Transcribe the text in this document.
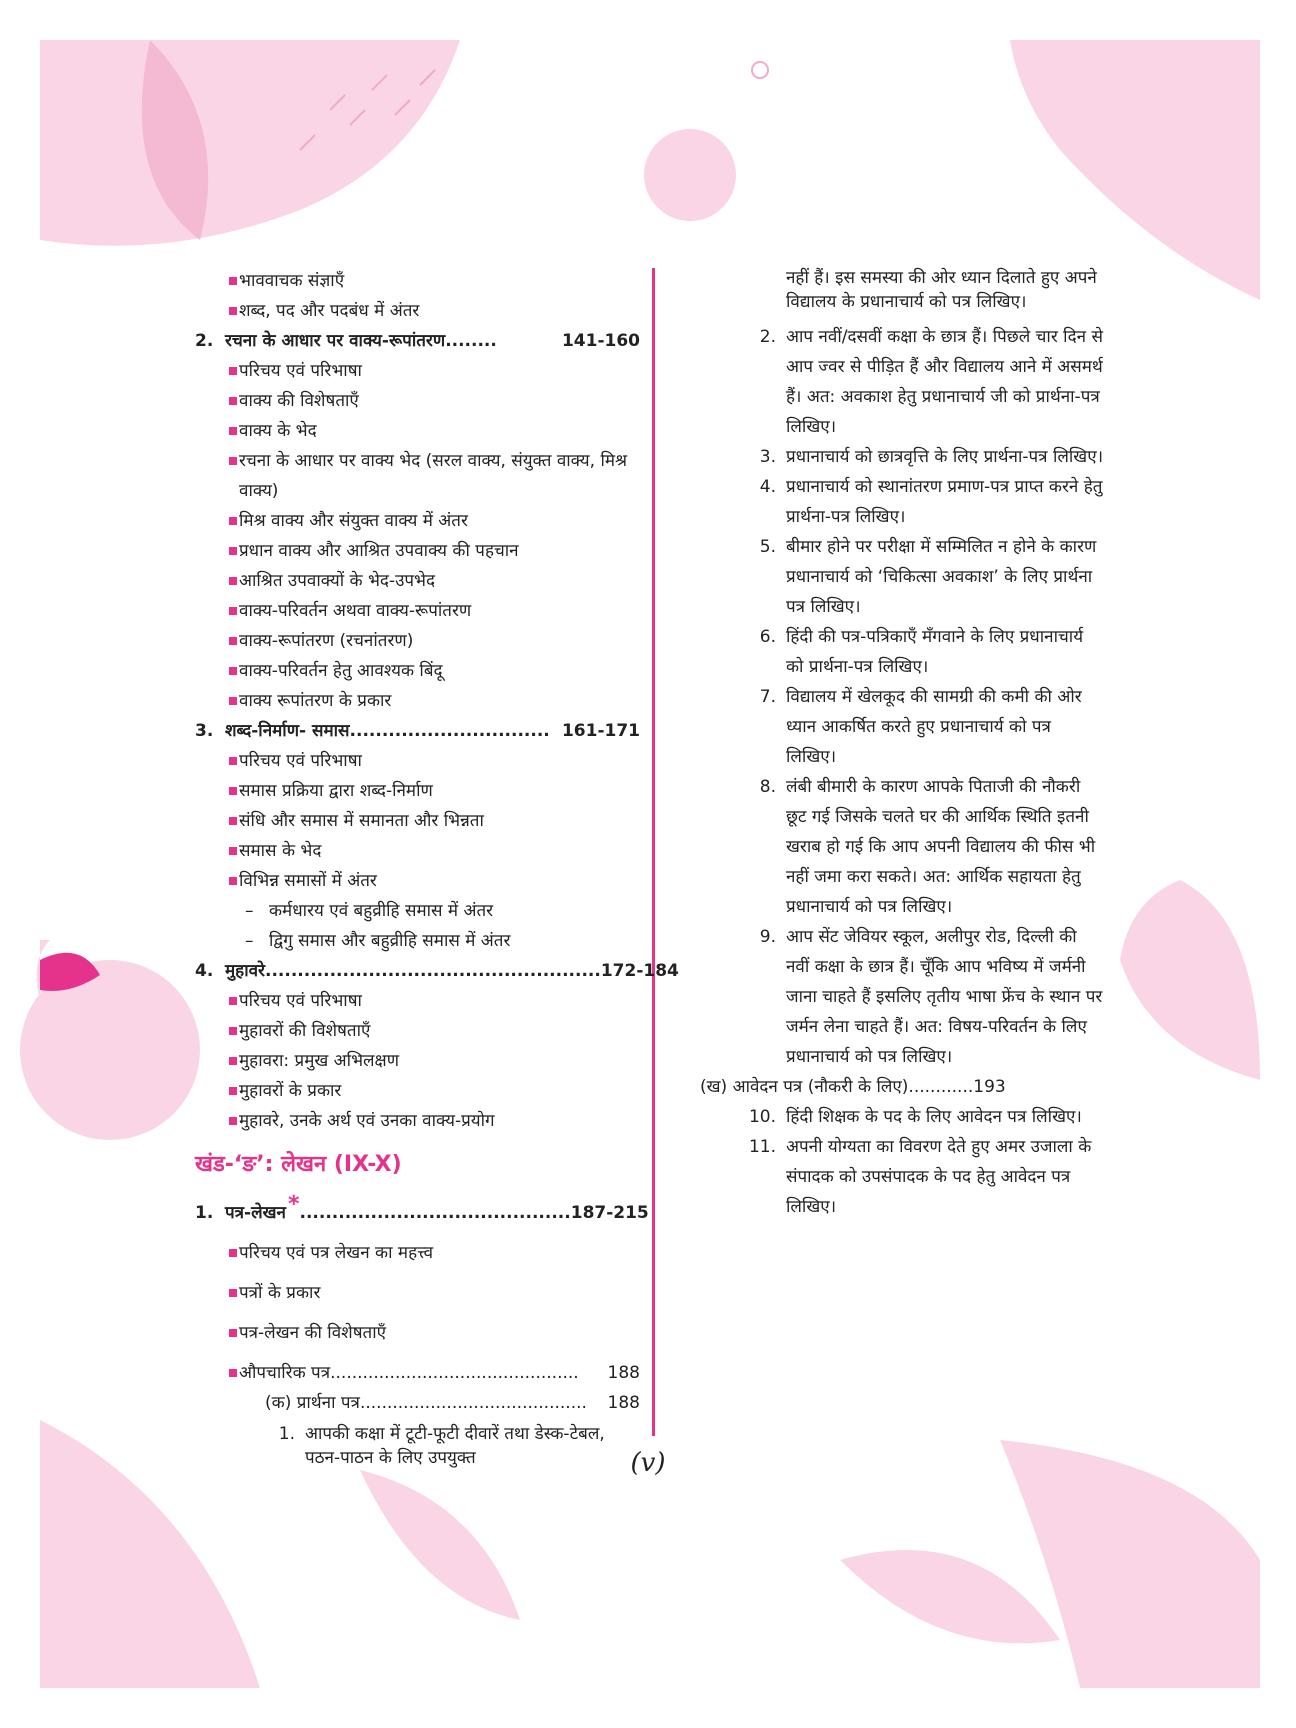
भाववाचक संज्ञाएँ
शब्द, पद और पदबंध में अंतर
2. रचना के आधार पर वाक्य-रूपांतरण ........	141-160
परिचय एवं परिभाषा
वाक्य की विशेषताएँ
वाक्य के भेद
रचना के आधार पर वाक्य भेद (सरल वाक्य, संयुक्त वाक्य, मिश्र वाक्य)
मिश्र वाक्य और संयुक्त वाक्य में अंतर
प्रधान वाक्य और आश्रित उपवाक्य की पहचान
आश्रित उपवाक्यों के भेद-उपभेद
वाक्य-परिवर्तन अथवा वाक्य-रूपांतरण
वाक्य-रूपांतरण (रचनांतरण)
वाक्य-परिवर्तन हेतु आवश्यक बिंदू
वाक्य रूपांतरण के प्रकार
3. शब्द-निर्माण- समास ............................... 161-171
परिचय एवं परिभाषा
समास प्रक्रिया द्वारा शब्द-निर्माण
संधि और समास में समानता और भिन्नता
समास के भेद
विभिन्न समासों में अंतर
– कर्मधारय एवं बहुव्रीहि समास में अंतर
– द्विगु समास और बहुव्रीहि समास में अंतर
4. मुहावरे .................................................... 172-184
परिचय एवं परिभाषा
मुहावरों की विशेषताएँ
मुहावरा: प्रमुख अभिलक्षण
मुहावरों के प्रकार
मुहावरे, उनके अर्थ एवं उनका वाक्य-प्रयोग
खंड-‘ङ’: लेखन (IX-X)
1. पत्र-लेखन * .......................................... 187-215
परिचय एवं पत्र लेखन का महत्त्व
पत्रों के प्रकार
पत्र-लेखन की विशेषताएँ
औपचारिक पत्र ..............................................	188
(क) प्रार्थना पत्र ..........................................	188
1. आपकी कक्षा में टूटी-फूटी दीवारें तथा डेस्क-टेबल, पठन-पाठन के लिए उपयुक्त
नहीं हैं। इस समस्या की ओर ध्यान दिलाते हुए अपने विद्यालय के प्रधानाचार्य को पत्र लिखिए।
2. आप नवीं/दसवीं कक्षा के छात्र हैं। पिछले चार दिन से आप ज्वर से पीड़ित हैं और विद्यालय आने में असमर्थ हैं। अत: अवकाश हेतु प्रधानाचार्य जी को प्रार्थना-पत्र लिखिए।
3. प्रधानाचार्य को छात्रवृत्ति के लिए प्रार्थना-पत्र लिखिए।
4. प्रधानाचार्य को स्थानांतरण प्रमाण-पत्र प्राप्त करने हेतु प्रार्थना-पत्र लिखिए।
5. बीमार होने पर परीक्षा में सम्मिलित न होने के कारण प्रधानाचार्य को ‘चिकित्सा अवकाश’ के लिए प्रार्थना पत्र लिखिए।
6. हिंदी की पत्र-पत्रिकाएँ मँगवाने के लिए प्रधानाचार्य को प्रार्थना-पत्र लिखिए।
7. विद्यालय में खेलकूद की सामग्री की कमी की ओर ध्यान आकर्षित करते हुए प्रधानाचार्य को पत्र लिखिए।
8. लंबी बीमारी के कारण आपके पिताजी की नौकरी छूट गई जिसके चलते घर की आर्थिक स्थिति इतनी खराब हो गई कि आप अपनी विद्यालय की फीस भी नहीं जमा करा सकते। अत: आर्थिक सहायता हेतु प्रधानाचार्य को पत्र लिखिए।
9. आप सेंट जेवियर स्कूल, अलीपुर रोड, दिल्ली की नवीं कक्षा के छात्र हैं। चूँकि आप भविष्य में जर्मनी जाना चाहते हैं इसलिए तृतीय भाषा फ्रेंच के स्थान पर जर्मन लेना चाहते हैं। अत: विषय-परिवर्तन के लिए प्रधानाचार्य को पत्र लिखिए।
(ख) आवेदन पत्र (नौकरी के लिए) ............ 193
10. हिंदी शिक्षक के पद के लिए आवेदन पत्र लिखिए।
11. अपनी योग्यता का विवरण देते हुए अमर उजाला के संपादक को उपसंपादक के पद हेतु आवेदन पत्र लिखिए।
(v)
